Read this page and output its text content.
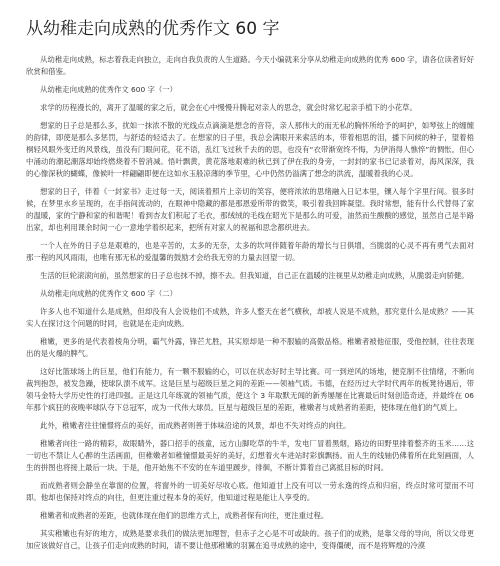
从幼稚走向成熟的优秀作文 60 字

从幼稚走向成熟，标志着我走向独立，走向自我负责的人生道路。今天小编就来分享从幼稚走向成熟的优秀 600 字，请各位读者好好欣赏和借鉴。

从幼稚走向成熟的优秀作文 600 字（一）

求学的历程漫长的，离开了温暖的家之后，就会在心中慢慢升腾起对亲人的思念，就会时常忆起亲手植下的小花草。

想家的日子总是那么多，扰如一抹浓不散的光线点点滴滴是想念的音符，亲人那伟大的而无私的胸怀所给予的呵护，如琴弦上的缠缠的韵律，即使是那么多惩罚，与舒适的轻适去了。在想家的日子里，我总会满眼开来索活的本，带着相思的泪，播下问候的种子，望着梧桐轻风眼外变迁的风景线，虽没有门眼问花，花不语，乱红飞过秋千去的的思，也没有“衣带渐宽终不悔，为伊消得人憔悴”的惆怅。但心中涌动的潮起潮落却始终燃烧着不曾消减。悟叶飘黄，黄花落地艰难的秋已到了伊在我的身旁，一封封的家书已记录着对，海风深深，我的心像深秋的蝴蝶，像候叶一样翩翩即便在这如水玉般凉薄的季节里，心中仍然仍溢满了想念的洪流，温暖着我的心灵。

想家的日子，伴着《一封家书》走过每一天，阅读着照片上亲切的笑容，便将浓浓的思绪融入日记本里，镶入每个字里行间。很多时候，在梦里水乡呈现的，在手指间流动的，在眼神中隐藏的都是那恩爱所带的微笑，吸引着我回眸凝望。我时常想，能有什么代替得了家的温暖，家的宁静和家的和谐呢！看到杏友们积起了毛衣，那绒绒的毛线在昭光下是那么的可爱，油然而生酸酸的感觉，虽然自己是半路出家，却也利用课余时间一心一意地学着织起来，把所有对家人的祝福和思念都织进去。

一个人在外的日子总是艰难的，也是辛苦的，太多的无奈，太多的坎坷伴随着年龄的增长与日俱增，当脆弱的心灵不再有勇气去面对那一程的风风雨雨，也唯有那无私的爱温馨的鼓励才会给我无穷的力量去回望一切。

生活的巨轮滚滚向前，虽然想家的日子总也抹不掉，擦不去。但我知道，自己正在温暖的注视里从幼稚走向成熟，从脆弱走向骄健。

从幼稚走向成熟的优秀作文 600 字（二）

许多人也不知道什么是成熟，但却没有人会说他们不成熟，许多人整天在老气横秋，却被人说是不成熟，那究竟什么是成熟？——其实人在探讨这个问题的时同，也就是在走向成熟。

稚嫩，更多的是代表着棱角分明，霸气外露，锋芒尤胜，其实原却是一种不服输的高傲品格。稚嫩者被他征服，受他控制，往往表现出的是火爆的脾气。

这好比篮球场上的巨星，他们有能力，有一颗不服输的心，可以在状态好时主导比赛。可一到逆风的场地，便克制不住情绪，不断向裁判抱怨，被发急躁，使球队溃不成军。这是巨星与超级巨星之间的差距——领袖气质。韦德，在经历过大学时代两年的板凳待遇后，带领马金特大学历史性的打进四强。正是这几年练就的领袖气质，使这个 3 年取默无闻的新秀屡屡在比赛最后时刻创造奇迹，并最终在 06 年那个疯狂的夜晚率球队夺下总冠军，成为一代伟大球员。巨星与超级巨星的差距，稚嫩者与成熟者的差距，使体现在他们的气质上。

此外，稚嫩者往往憧憬将点的美好，而成熟者则善于体味沿途的风景，却也不失对终点的向往。

稚嫩者向往一路的精彩，故眼睛外，器口招手的孩童，远方山脚吃草的牛羊，发电厂冒着黑烟，路边的田野里排着整齐的玉米……这一切也不禁让人心醉的生活画面，但稚嫩者如稚憧憬最美好的美好，幻想着火车进站时彩旗飘扬。而人生的线轴仍佛着所在此刻画面，人生的拼图也将接上最后一块。于是，他开始焦不不安的在车道里踱步，徘徊，不断计算着自己离抵目标的时间。

而成熟者则会静坐在靠窗的位置，将窗外的一切美好尽收心底。他知道甘上没有可以一劳永逸的终点和归宿，终点时常可望而不可即。他却也保持对终点的向往，但更注重过程本身的美好，他知道过程是能让人享受的。

稚嫩者和成熟者的差距，也就体现在他们的思维方式上，成熟者保有向往，更注重过程。

其实稚嫩也有好的地方，成熟是要求我们的做法更加理智，但赤子之心是不可或缺的。孩子们的成熟，是靠父母的导向，所以父母更加应该做好自己，让孩子们走向成熟的时间，请不要让他那稚嫩的羽翼在追寻成熟的途中，变得僵硬，而不是将辉煌的冷漠
